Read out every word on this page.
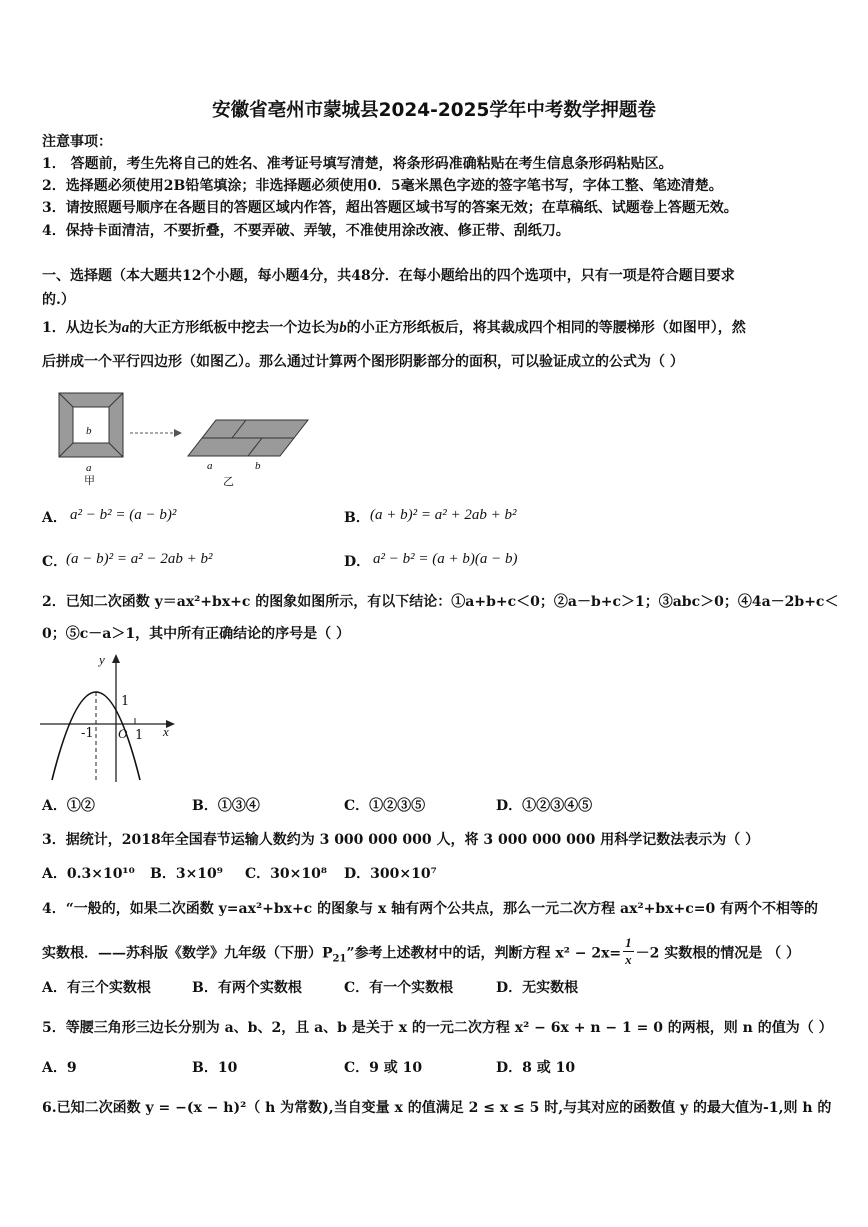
安徽省亳州市蒙城县2024-2025学年中考数学押题卷
注意事项：
1． 答题前，考生先将自己的姓名、准考证号填写清楚，将条形码准确粘贴在考生信息条形码粘贴区。
2．选择题必须使用2B铅笔填涂；非选择题必须使用0．5毫米黑色字迹的签字笔书写，字体工整、笔迹清楚。
3．请按照题号顺序在各题目的答题区域内作答，超出答题区域书写的答案无效；在草稿纸、试题卷上答题无效。
4．保持卡面清洁，不要折叠，不要弄破、弄皱，不准使用涂改液、修正带、刮纸刀。
一、选择题（本大题共12个小题，每小题4分，共48分．在每小题给出的四个选项中，只有一项是符合题目要求
的.）
1．从边长为a的大正方形纸板中挖去一个边长为b的小正方形纸板后，将其裁成四个相同的等腰梯形（如图甲），然
后拼成一个平行四边形（如图乙）。那么通过计算两个图形阴影部分的面积，可以验证成立的公式为（ ）
b
a
甲
a	b
乙
A． a² − b² = (a − b)²	B． (a + b)² = a² + 2ab + b²
C．
(a − b)² = a² − 2ab + b²	D． a² − b² = (a + b)(a − b)
2．已知二次函数 y＝ax²+bx+c 的图象如图所示，有以下结论：①a+b+c＜0；②a－b+c＞1；③abc＞0；④4a－2b+c＜
0；⑤c－a＞1，其中所有正确结论的序号是（ ）
y
1
-1 O 1 x
A．①②	B．①③④	C．①②③⑤	D．①②③④⑤
3．据统计，2018年全国春节运输人数约为 3 000 000 000 人，将 3 000 000 000 用科学记数法表示为（ ）
A．0.3×10¹⁰ B．3×10⁹ C．30×10⁸ D．300×10⁷
4．“一般的，如果二次函数 y=ax²+bx+c 的图象与 x 轴有两个公共点，那么一元二次方程 ax²+bx+c=0 有两个不相等的
实数根．——苏科版《数学》九年级（下册）$P_{21}$”参考上述教材中的话，判断方程 $x^2 - 2x= \frac{1}{x} -2$ 实数根的情况是 （ ）
A．有三个实数根	B．有两个实数根	C．有一个实数根	D．无实数根
5．等腰三角形三边长分别为 a、b、2，且 a、b 是关于 x 的一元二次方程 x² − 6x + n − 1 = 0 的两根，则 n 的值为（ ）
A．9	B．10	C．9 或 10	D．8 或 10
6.已知二次函数 y = −(x − h)²（ h 为常数),当自变量 x 的值满足 2 ≤ x ≤ 5 时,与其对应的函数值 y 的最大值为-1,则 h 的
